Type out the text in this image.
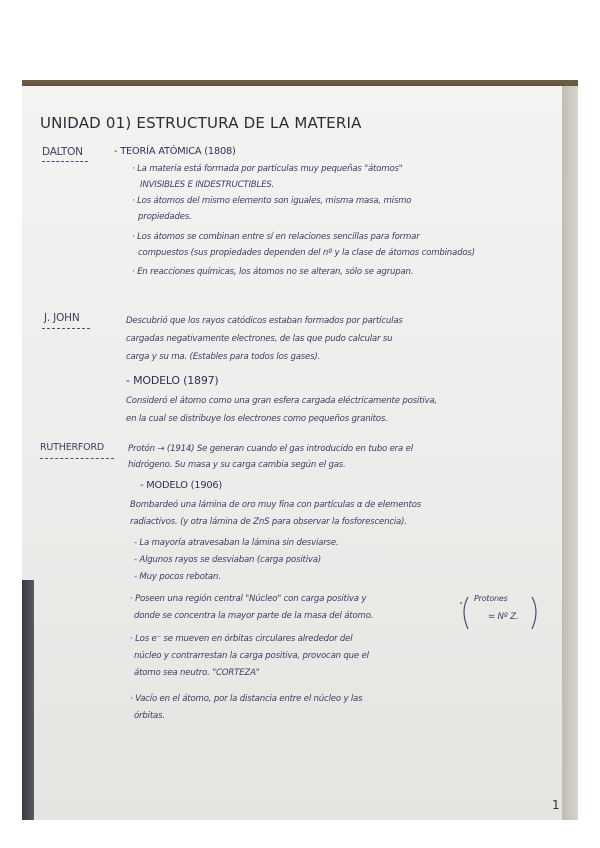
UNIDAD 01) ESTRUCTURA DE LA MATERIA
DALTON	- TEORÍA ATÓMICA (1808)
· La materia está formada por partículas muy pequeñas "átomos"
INVISIBLES E INDESTRUCTIBLES.
· Los átomos del mismo elemento son iguales, misma masa, mismo
propiedades.
· Los átomos se combinan entre sí en relaciones sencillas para formar
compuestos (sus propiedades dependen del nº y la clase de átomos combinados)
· En reacciones químicas, los átomos no se alteran, sólo se agrupan.
J. JOHN	Descubrió que los rayos catódicos estaban formados por partículas
cargadas negativamente electrones, de las que pudo calcular su
carga y su ma. (Estables para todos los gases).
- MODELO (1897)
Consideró el átomo como una gran esfera cargada eléctricamente positiva,
en la cual se distribuye los electrones como pequeños granitos.
RUTHERFORD	Protón → (1914) Se generan cuando el gas introducido en tubo era el
hidrógeno. Su masa y su carga cambia según el gas.
- MODELO (1906)
Bombardeó una lámina de oro muy fina con partículas α de elementos
radiactivos. (y otra lámina de ZnS para observar la fosforescencia).
- La mayoría atravesaban la lámina sin desviarse.
- Algunos rayos se desviaban (carga positiva)
- Muy pocos rebotan.
· Poseen una región central "Núcleo" con carga positiva y
donde se concentra la mayor parte de la masa del átomo.
Protones
= Nº Z.
· Los e⁻ se mueven en órbitas circulares alrededor del
núcleo y contrarrestan la carga positiva, provocan que el
átomo sea neutro. "CORTEZA"
· Vacío en el átomo, por la distancia entre el núcleo y las
órbitas.
1
